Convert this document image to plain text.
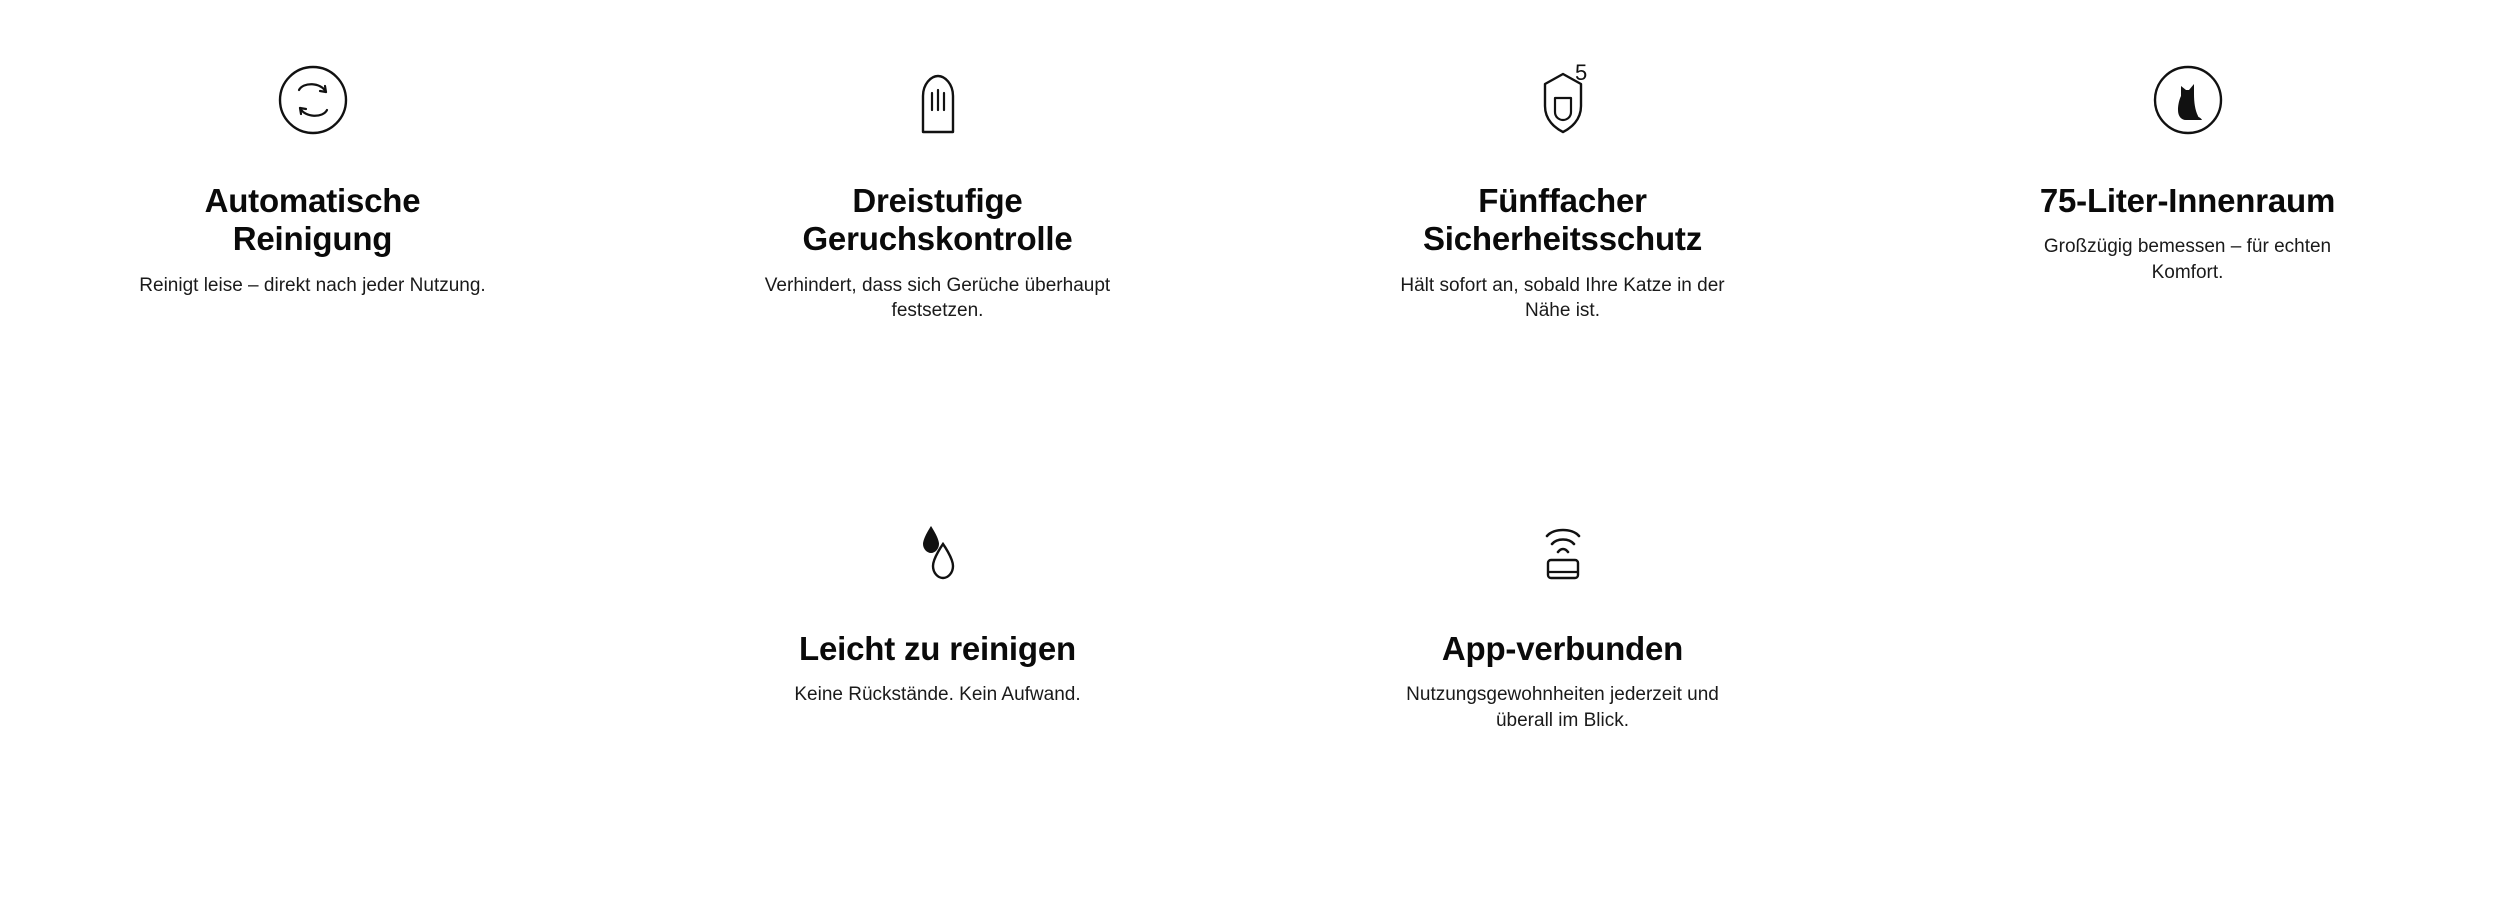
Automatische Reinigung

Reinigt leise – direkt nach jeder Nutzung.

Dreistufige Geruchskontrolle

Verhindert, dass sich Gerüche überhaupt festsetzen.

5
Fünffacher Sicherheitsschutz

Hält sofort an, sobald Ihre Katze in der Nähe ist.

75-Liter-Innenraum

Großzügig bemessen – für echten Komfort.

Leicht zu reinigen

Keine Rückstände. Kein Aufwand.

App-verbunden

Nutzungsgewohnheiten jederzeit und überall im Blick.
